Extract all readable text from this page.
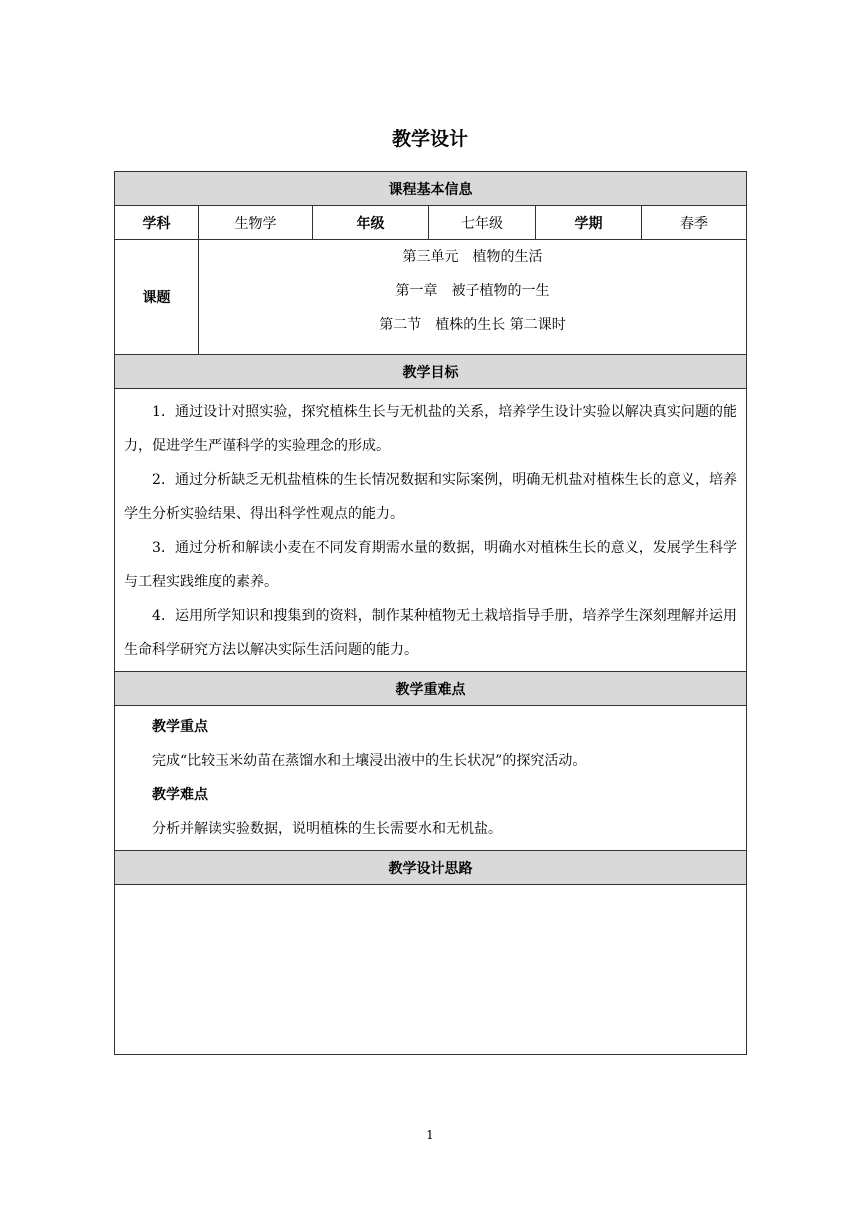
教学设计
课程基本信息					
学科	生物学	年级	七年级	学期	春季
课题	第三单元　植物的生活
第一章　被子植物的一生
第二节　植株的生长 第二课时				

教学目标					

1．通过设计对照实验，探究植株生长与无机盐的关系，培养学生设计实验以解决真实问题的能力，促进学生严谨科学的实验理念的形成。

2．通过分析缺乏无机盐植株的生长情况数据和实际案例，明确无机盐对植株生长的意义，培养学生分析实验结果、得出科学性观点的能力。

3．通过分析和解读小麦在不同发育期需水量的数据，明确水对植株生长的意义，发展学生科学与工程实践维度的素养。

4．运用所学知识和搜集到的资料，制作某种植物无土栽培指导手册，培养学生深刻理解并运用生命科学研究方法以解决实际生活问题的能力。					

教学重难点					

教学重点

完成“比较玉米幼苗在蒸馏水和土壤浸出液中的生长状况”的探究活动。

教学难点

分析并解读实验数据，说明植株的生长需要水和无机盐。					

教学设计思路					

1
